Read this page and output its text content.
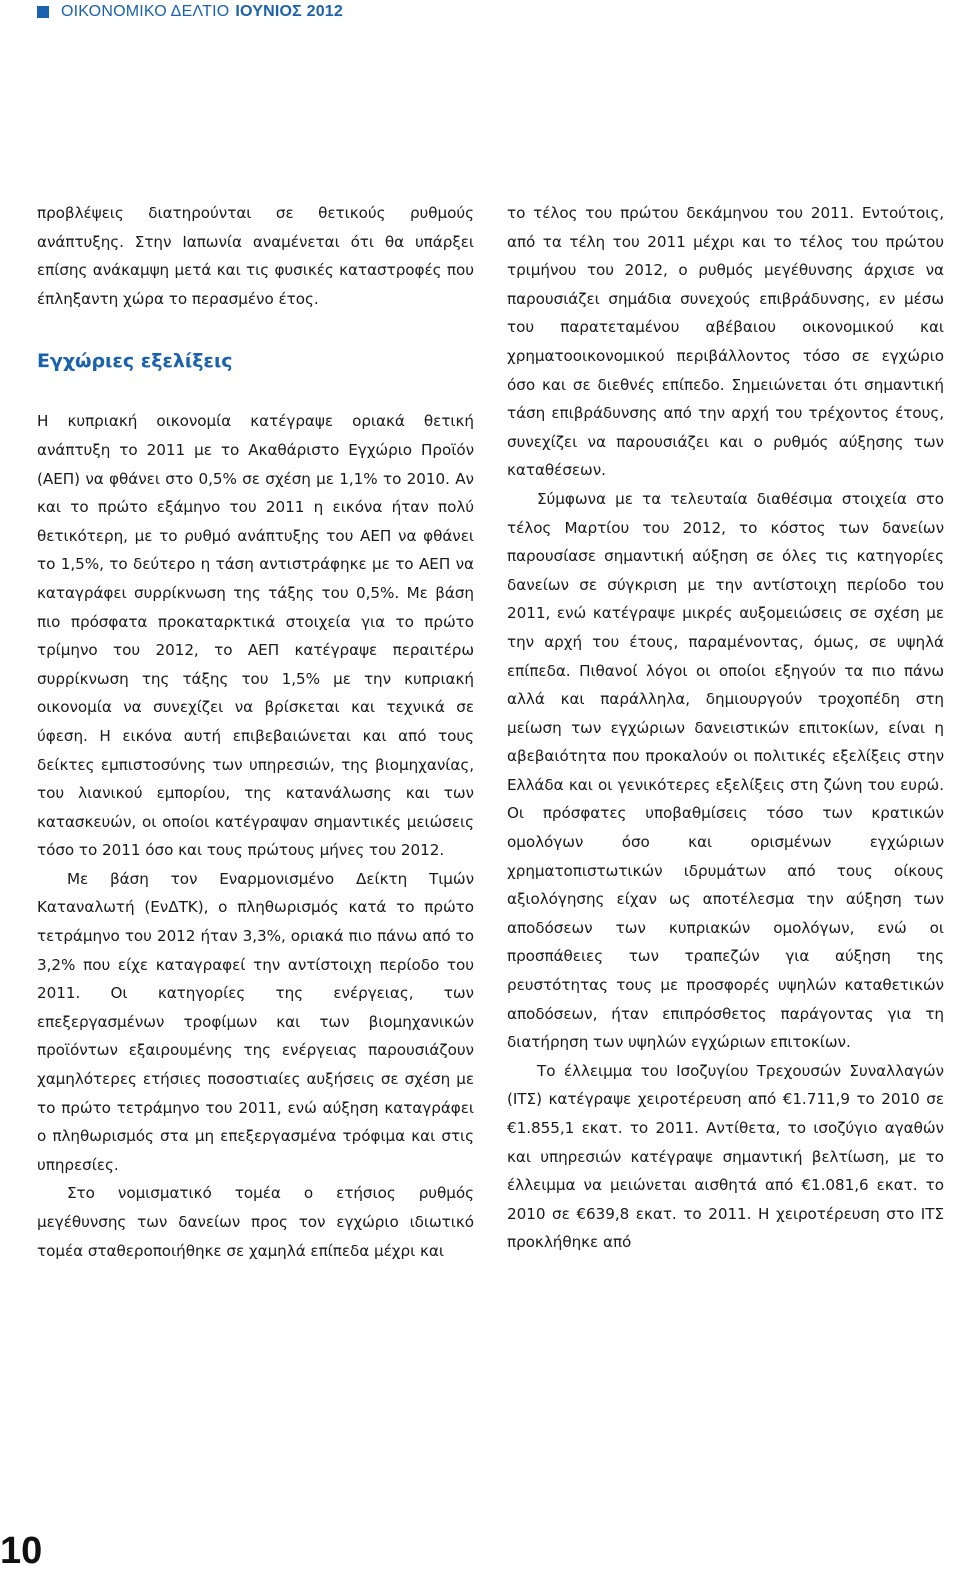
ΟΙΚΟΝΟΜΙΚΟ ΔΕΛΤΙΟ ΙΟΥΝΙΟΣ 2012

προβλέψεις διατηρούνται σε θετικούς ρυθμούς ανάπτυξης. Στην Ιαπωνία αναμένεται ότι θα υπάρξει επίσης ανάκαμψη μετά και τις φυσικές καταστροφές που έπληξαντη χώρα το περασμένο έτος.

Εγχώριες εξελίξεις

Η κυπριακή οικονομία κατέγραψε οριακά θετική ανάπτυξη το 2011 με το Ακαθάριστο Εγχώριο Προϊόν (ΑΕΠ) να φθάνει στο 0,5% σε σχέση με 1,1% το 2010. Αν και το πρώτο εξάμηνο του 2011 η εικόνα ήταν πολύ θετικότερη, με το ρυθμό ανάπτυξης του ΑΕΠ να φθάνει το 1,5%, το δεύτερο η τάση αντιστράφηκε με το ΑΕΠ να καταγράφει συρρίκνωση της τάξης του 0,5%. Με βάση πιο πρόσφατα προκαταρκτικά στοιχεία για το πρώτο τρίμηνο του 2012, το ΑΕΠ κατέγραψε περαιτέρω συρρίκνωση της τάξης του 1,5% με την κυπριακή οικονομία να συνεχίζει να βρίσκεται και τεχνικά σε ύφεση. Η εικόνα αυτή επιβεβαιώνεται και από τους δείκτες εμπιστοσύνης των υπηρεσιών, της βιομηχανίας, του λιανικού εμπορίου, της κατανάλωσης και των κατασκευών, οι οποίοι κατέγραψαν σημαντικές μειώσεις τόσο το 2011 όσο και τους πρώτους μήνες του 2012.

Με βάση τον Εναρμονισμένο Δείκτη Τιμών Καταναλωτή (ΕνΔΤΚ), ο πληθωρισμός κατά το πρώτο τετράμηνο του 2012 ήταν 3,3%, οριακά πιο πάνω από το 3,2% που είχε καταγραφεί την αντίστοιχη περίοδο του 2011. Οι κατηγορίες της ενέργειας, των επεξεργασμένων τροφίμων και των βιομηχανικών προϊόντων εξαιρουμένης της ενέργειας παρουσιάζουν χαμηλότερες ετήσιες ποσοστιαίες αυξήσεις σε σχέση με το πρώτο τετράμηνο του 2011, ενώ αύξηση καταγράφει ο πληθωρισμός στα μη επεξεργασμένα τρόφιμα και στις υπηρεσίες.

Στο νομισματικό τομέα ο ετήσιος ρυθμός μεγέθυνσης των δανείων προς τον εγχώριο ιδιωτικό τομέα σταθεροποιήθηκε σε χαμηλά επίπεδα μέχρι και

το τέλος του πρώτου δεκάμηνου του 2011. Εντούτοις, από τα τέλη του 2011 μέχρι και το τέλος του πρώτου τριμήνου του 2012, ο ρυθμός μεγέθυνσης άρχισε να παρουσιάζει σημάδια συνεχούς επιβράδυνσης, εν μέσω του παρατεταμένου αβέβαιου οικονομικού και χρηματοοικονομικού περιβάλλοντος τόσο σε εγχώριο όσο και σε διεθνές επίπεδο. Σημειώνεται ότι σημαντική τάση επιβράδυνσης από την αρχή του τρέχοντος έτους, συνεχίζει να παρουσιάζει και ο ρυθμός αύξησης των καταθέσεων.

Σύμφωνα με τα τελευταία διαθέσιμα στοιχεία στο τέλος Μαρτίου του 2012, το κόστος των δανείων παρουσίασε σημαντική αύξηση σε όλες τις κατηγορίες δανείων σε σύγκριση με την αντίστοιχη περίοδο του 2011, ενώ κατέγραψε μικρές αυξομειώσεις σε σχέση με την αρχή του έτους, παραμένοντας, όμως, σε υψηλά επίπεδα. Πιθανοί λόγοι οι οποίοι εξηγούν τα πιο πάνω αλλά και παράλληλα, δημιουργούν τροχοπέδη στη μείωση των εγχώριων δανειστικών επιτοκίων, είναι η αβεβαιότητα που προκαλούν οι πολιτικές εξελίξεις στην Ελλάδα και οι γενικότερες εξελίξεις στη ζώνη του ευρώ. Οι πρόσφατες υποβαθμίσεις τόσο των κρατικών ομολόγων όσο και ορισμένων εγχώριων χρηματοπιστωτικών ιδρυμάτων από τους οίκους αξιολόγησης είχαν ως αποτέλεσμα την αύξηση των αποδόσεων των κυπριακών ομολόγων, ενώ οι προσπάθειες των τραπεζών για αύξηση της ρευστότητας τους με προσφορές υψηλών καταθετικών αποδόσεων, ήταν επιπρόσθετος παράγοντας για τη διατήρηση των υψηλών εγχώριων επιτοκίων.

Το έλλειμμα του Ισοζυγίου Τρεχουσών Συναλλαγών (ΙΤΣ) κατέγραψε χειροτέρευση από €1.711,9 το 2010 σε €1.855,1 εκατ. το 2011. Αντίθετα, το ισοζύγιο αγαθών και υπηρεσιών κατέγραψε σημαντική βελτίωση, με το έλλειμμα να μειώνεται αισθητά από €1.081,6 εκατ. το 2010 σε €639,8 εκατ. το 2011. Η χειροτέρευση στο ΙΤΣ προκλήθηκε από

10
